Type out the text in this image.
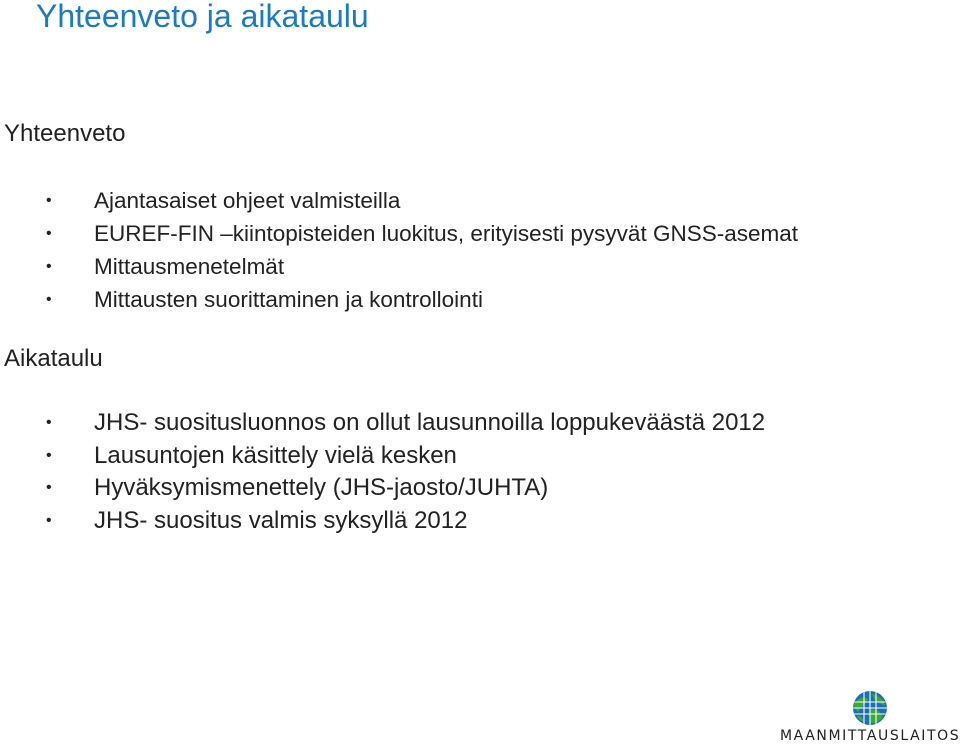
Yhteenveto ja aikataulu
Yhteenveto
• Ajantasaiset ohjeet valmisteilla
• EUREF-FIN –kiintopisteiden luokitus, erityisesti pysyvät GNSS-asemat
• Mittausmenetelmät
• Mittausten suorittaminen ja kontrollointi
Aikataulu
• JHS- suositusluonnos on ollut lausunnoilla loppukeväästä 2012
• Lausuntojen käsittely vielä kesken
• Hyväksymismenettely (JHS-jaosto/JUHTA)
• JHS- suositus valmis syksyllä 2012
MAANMITTAUSLAITOS
